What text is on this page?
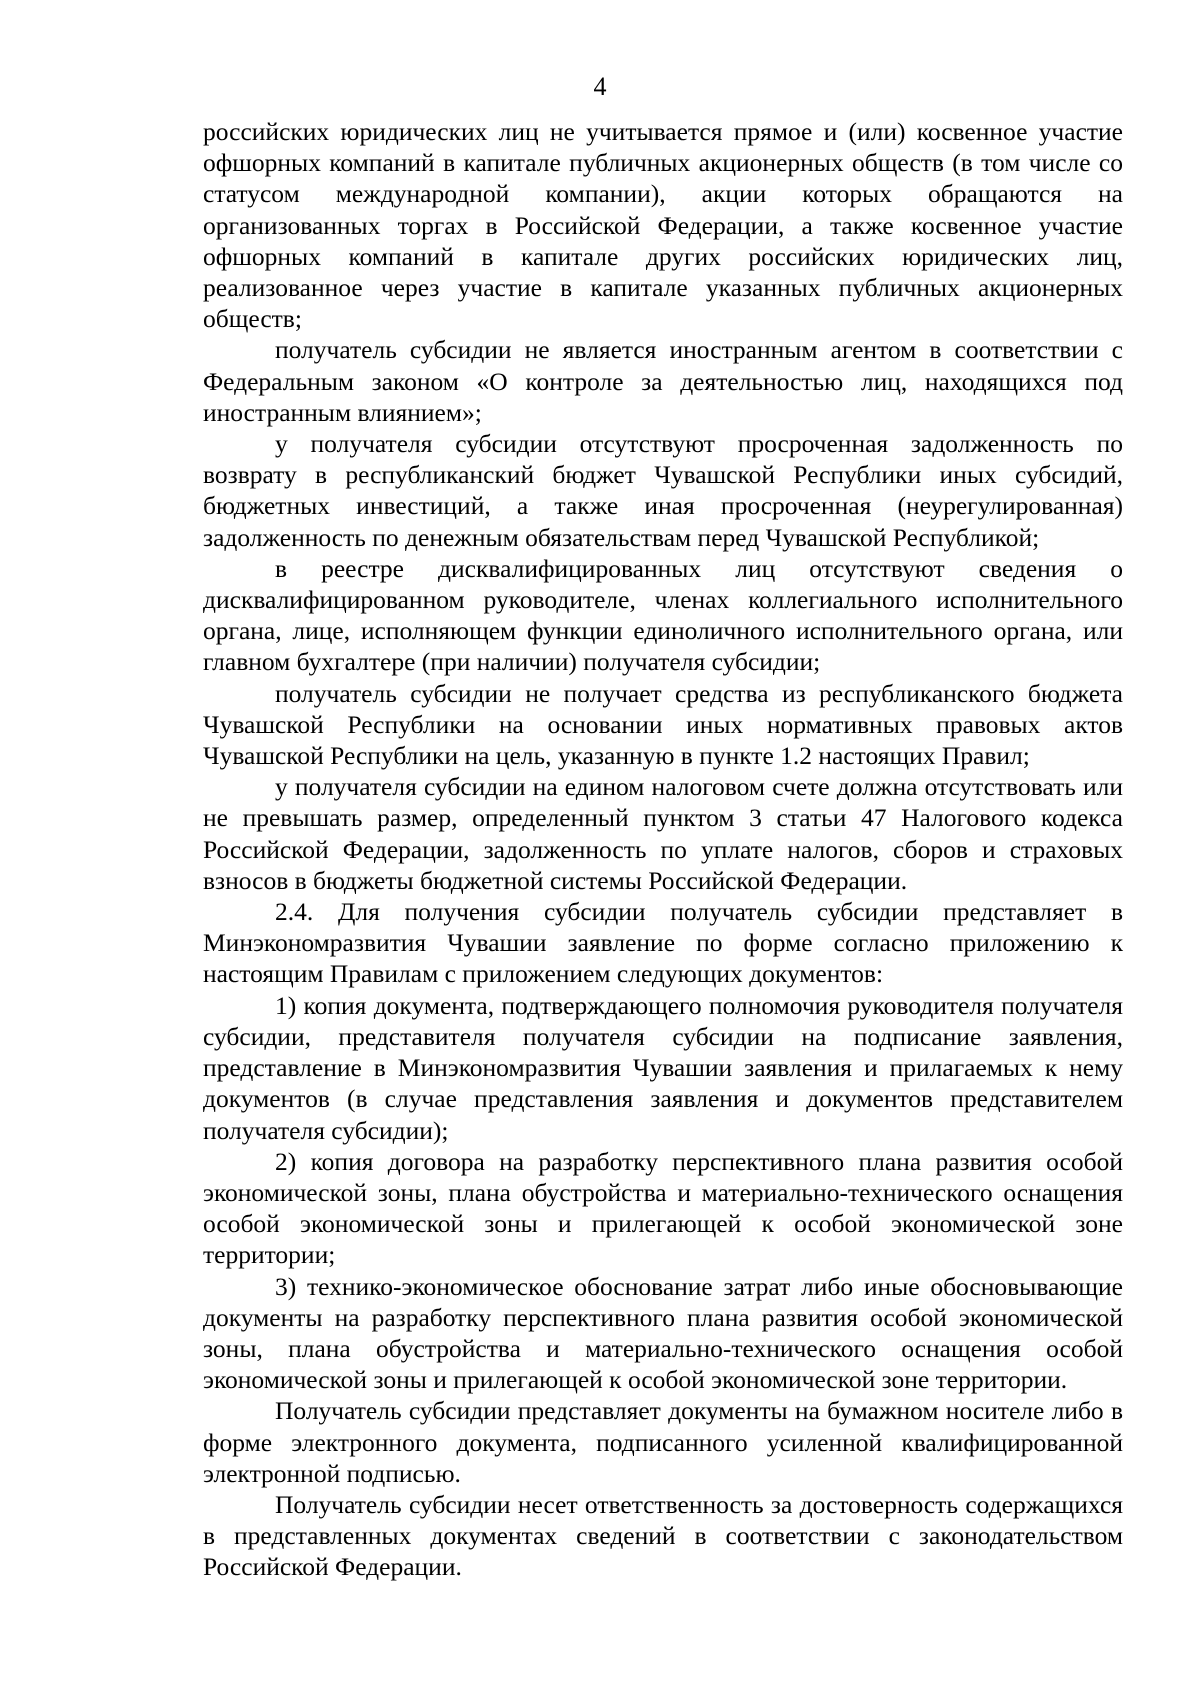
4

российских юридических лиц не учитывается прямое и (или) косвенное участие офшорных компаний в капитале публичных акционерных обществ (в том числе со статусом международной компании), акции которых обращаются на организованных торгах в Российской Федерации, а также косвенное участие офшорных компаний в капитале других российских юридических лиц, реализованное через участие в капитале указанных публичных акционерных обществ;

получатель субсидии не является иностранным агентом в соответствии с Федеральным законом «О контроле за деятельностью лиц, находящихся под иностранным влиянием»;

у получателя субсидии отсутствуют просроченная задолженность по возврату в республиканский бюджет Чувашской Республики иных субсидий, бюджетных инвестиций, а также иная просроченная (неурегулированная) задолженность по денежным обязательствам перед Чувашской Республикой;

в реестре дисквалифицированных лиц отсутствуют сведения о дисквалифицированном руководителе, членах коллегиального исполнительного органа, лице, исполняющем функции единоличного исполнительного органа, или главном бухгалтере (при наличии) получателя субсидии;

получатель субсидии не получает средства из республиканского бюджета Чувашской Республики на основании иных нормативных правовых актов Чувашской Республики на цель, указанную в пункте 1.2 настоящих Правил;

у получателя субсидии на едином налоговом счете должна отсутствовать или не превышать размер, определенный пунктом 3 статьи 47 Налогового кодекса Российской Федерации, задолженность по уплате налогов, сборов и страховых взносов в бюджеты бюджетной системы Российской Федерации.

2.4. Для получения субсидии получатель субсидии представляет в Минэкономразвития Чувашии заявление по форме согласно приложению к настоящим Правилам с приложением следующих документов:

1) копия документа, подтверждающего полномочия руководителя получателя субсидии, представителя получателя субсидии на подписание заявления, представление в Минэкономразвития Чувашии заявления и прилагаемых к нему документов (в случае представления заявления и документов представителем получателя субсидии);

2) копия договора на разработку перспективного плана развития особой экономической зоны, плана обустройства и материально-технического оснащения особой экономической зоны и прилегающей к особой экономической зоне территории;

3) технико-экономическое обоснование затрат либо иные обосновывающие документы на разработку перспективного плана развития особой экономической зоны, плана обустройства и материально-технического оснащения особой экономической зоны и прилегающей к особой экономической зоне территории.

Получатель субсидии представляет документы на бумажном носителе либо в форме электронного документа, подписанного усиленной квалифицированной электронной подписью.

Получатель субсидии несет ответственность за достоверность содержащихся в представленных документах сведений в соответствии с законодательством Российской Федерации.
